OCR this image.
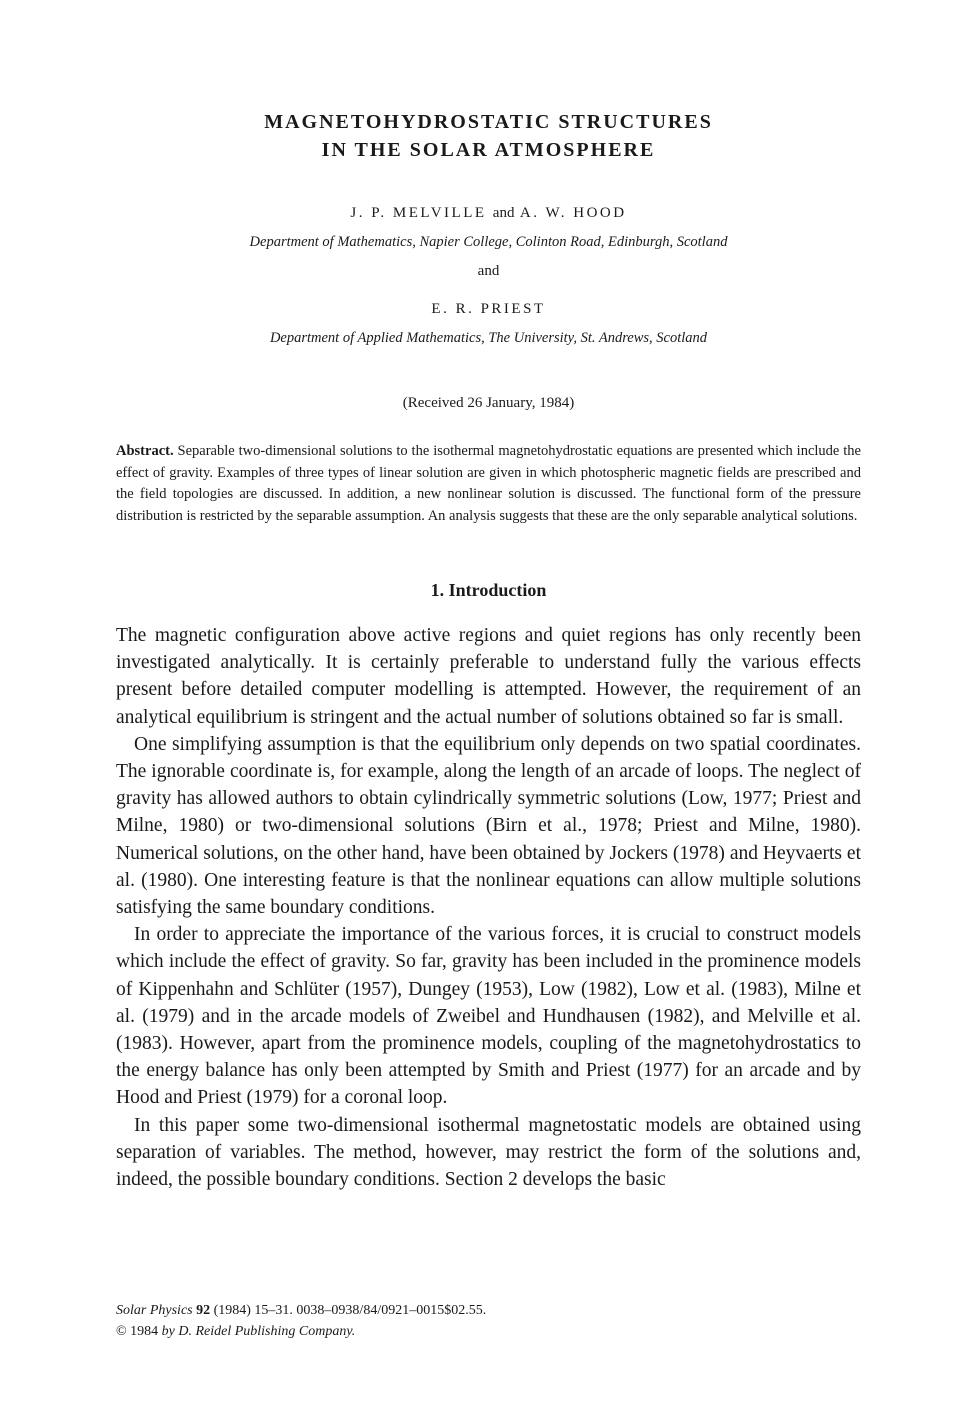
MAGNETOHYDROSTATIC STRUCTURES
IN THE SOLAR ATMOSPHERE

J. P. MELVILLE and A. W. HOOD

Department of Mathematics, Napier College, Colinton Road, Edinburgh, Scotland

and

E. R. PRIEST

Department of Applied Mathematics, The University, St. Andrews, Scotland

(Received 26 January, 1984)

Abstract. Separable two-dimensional solutions to the isothermal magnetohydrostatic equations are presented which include the effect of gravity. Examples of three types of linear solution are given in which photospheric magnetic fields are prescribed and the field topologies are discussed. In addition, a new nonlinear solution is discussed. The functional form of the pressure distribution is restricted by the separable assumption. An analysis suggests that these are the only separable analytical solutions.

1. Introduction

The magnetic configuration above active regions and quiet regions has only recently been investigated analytically. It is certainly preferable to understand fully the various effects present before detailed computer modelling is attempted. However, the requirement of an analytical equilibrium is stringent and the actual number of solutions obtained so far is small.

One simplifying assumption is that the equilibrium only depends on two spatial coordinates. The ignorable coordinate is, for example, along the length of an arcade of loops. The neglect of gravity has allowed authors to obtain cylindrically symmetric solutions (Low, 1977; Priest and Milne, 1980) or two-dimensional solutions (Birn et al., 1978; Priest and Milne, 1980). Numerical solutions, on the other hand, have been obtained by Jockers (1978) and Heyvaerts et al. (1980). One interesting feature is that the nonlinear equations can allow multiple solutions satisfying the same boundary conditions.

In order to appreciate the importance of the various forces, it is crucial to construct models which include the effect of gravity. So far, gravity has been included in the prominence models of Kippenhahn and Schlüter (1957), Dungey (1953), Low (1982), Low et al. (1983), Milne et al. (1979) and in the arcade models of Zweibel and Hundhausen (1982), and Melville et al. (1983). However, apart from the prominence models, coupling of the magnetohydrostatics to the energy balance has only been attempted by Smith and Priest (1977) for an arcade and by Hood and Priest (1979) for a coronal loop.

In this paper some two-dimensional isothermal magnetostatic models are obtained using separation of variables. The method, however, may restrict the form of the solutions and, indeed, the possible boundary conditions. Section 2 develops the basic

Solar Physics 92 (1984) 15–31. 0038–0938/84/0921–0015$02.55.
© 1984 by D. Reidel Publishing Company.
